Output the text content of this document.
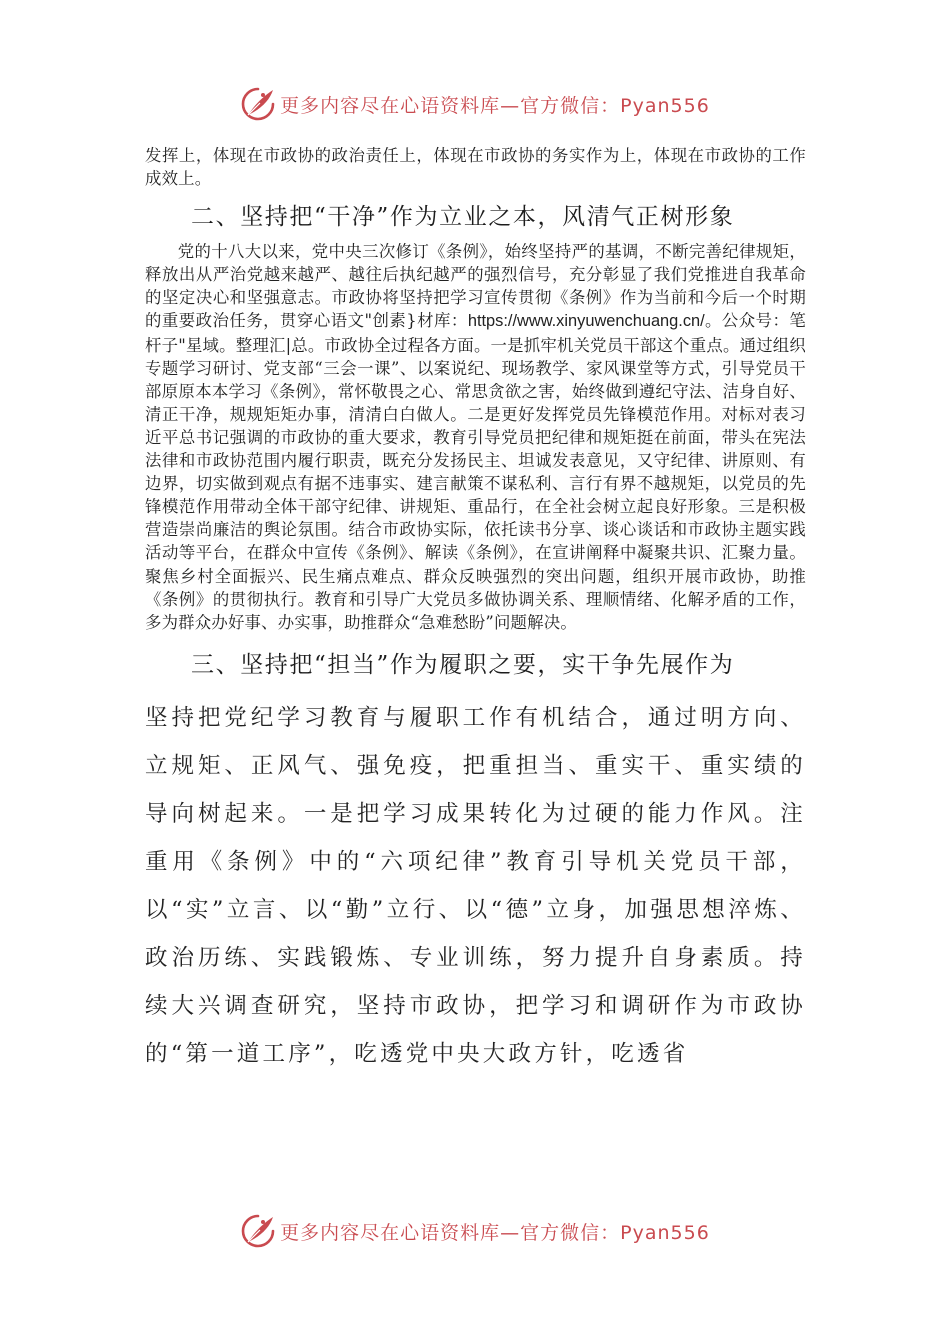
更多内容尽在心语资料库—官方微信：Pyan556

发挥上，体现在市政协的政治责任上，体现在市政协的务实作为上，体现在市政协的工作成效上。

二、坚持把“干净”作为立业之本，风清气正树形象

党的十八大以来，党中央三次修订《条例》，始终坚持严的基调，不断完善纪律规矩，释放出从严治党越来越严、越往后执纪越严的强烈信号，充分彰显了我们党推进自我革命的坚定决心和坚强意志。市政协将坚持把学习宣传贯彻《条例》作为当前和今后一个时期的重要政治任务，贯穿心语文"创素}材库：https://www.xinyuwenchuang.cn/。公众号：笔杆子"星域。整理汇|总。市政协全过程各方面。一是抓牢机关党员干部这个重点。通过组织专题学习研讨、党支部“三会一课”、以案说纪、现场教学、家风课堂等方式，引导党员干部原原本本学习《条例》，常怀敬畏之心、常思贪欲之害，始终做到遵纪守法、洁身自好、清正干净，规规矩矩办事，清清白白做人。二是更好发挥党员先锋模范作用。对标对表习近平总书记强调的市政协的重大要求，教育引导党员把纪律和规矩挺在前面，带头在宪法法律和市政协范围内履行职责，既充分发扬民主、坦诚发表意见，又守纪律、讲原则、有边界，切实做到观点有据不违事实、建言献策不谋私利、言行有界不越规矩，以党员的先锋模范作用带动全体干部守纪律、讲规矩、重品行，在全社会树立起良好形象。三是积极营造崇尚廉洁的舆论氛围。结合市政协实际，依托读书分享、谈心谈话和市政协主题实践活动等平台，在群众中宣传《条例》、解读《条例》，在宣讲阐释中凝聚共识、汇聚力量。聚焦乡村全面振兴、民生痛点难点、群众反映强烈的突出问题，组织开展市政协，助推《条例》的贯彻执行。教育和引导广大党员多做协调关系、理顺情绪、化解矛盾的工作，多为群众办好事、办实事，助推群众“急难愁盼”问题解决。

三、坚持把“担当”作为履职之要，实干争先展作为

坚持把党纪学习教育与履职工作有机结合，通过明方向、立规矩、正风气、强免疫，把重担当、重实干、重实绩的导向树起来。一是把学习成果转化为过硬的能力作风。注重用《条例》中的“六项纪律”教育引导机关党员干部，以“实”立言、以“勤”立行、以“德”立身，加强思想淬炼、政治历练、实践锻炼、专业训练，努力提升自身素质。持续大兴调查研究，坚持市政协，把学习和调研作为市政协的“第一道工序”，吃透党中央大政方针，吃透省

更多内容尽在心语资料库—官方微信：Pyan556
